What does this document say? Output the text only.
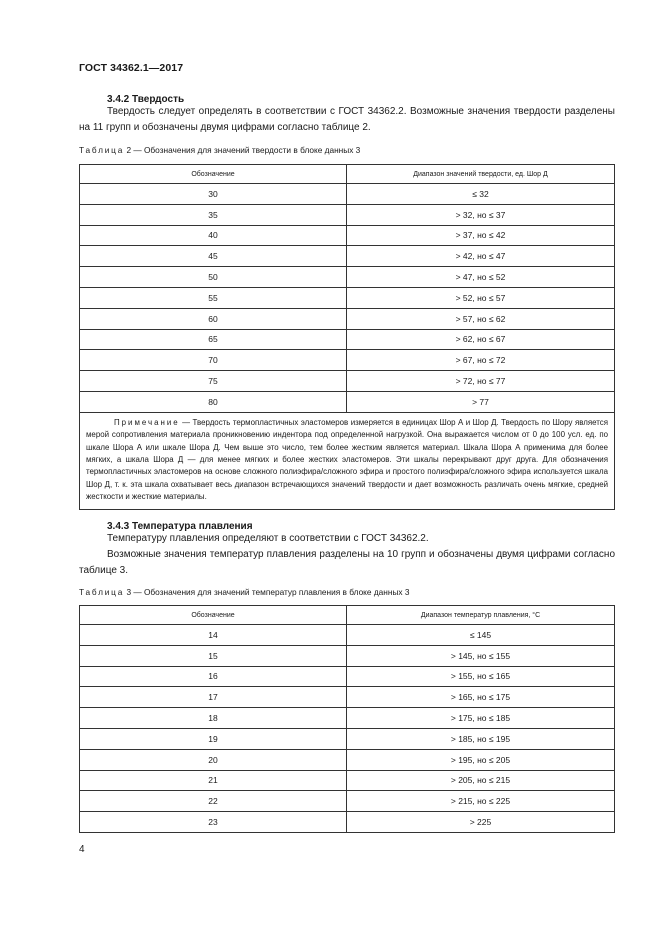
ГОСТ 34362.1—2017
3.4.2 Твердость
Твердость следует определять в соответствии с ГОСТ 34362.2. Возможные значения твердости разделены на 11 групп и обозначены двумя цифрами согласно таблице 2.
Таблица 2 — Обозначения для значений твердости в блоке данных 3
Обозначение	Диапазон значений твердости, ед. Шор Д
30	≤ 32
35	> 32, но ≤ 37
40	> 37, но ≤ 42
45	> 42, но ≤ 47
50	> 47, но ≤ 52
55	> 52, но ≤ 57
60	> 57, но ≤ 62
65	> 62, но ≤ 67
70	> 67, но ≤ 72
75	> 72, но ≤ 77
80	> 77
Примечание — Твердость термопластичных эластомеров измеряется в единицах Шор А и Шор Д. Твердость по Шору является мерой сопротивления материала проникновению индентора под определенной нагрузкой. Она выражается числом от 0 до 100 усл. ед. по шкале Шора А или шкале Шора Д. Чем выше это число, тем более жестким является материал. Шкала Шора А применима для более мягких, а шкала Шора Д — для менее мягких и более жестких эластомеров. Эти шкалы перекрывают друг друга. Для обозначения термопластичных эластомеров на основе сложного полиэфира/сложного эфира и простого полиэфира/сложного эфира используется шкала Шор Д, т. к. эта шкала охватывает весь диапазон встречающихся значений твердости и дает возможность различать очень мягкие, средней жесткости и жесткие материалы.	
3.4.3 Температура плавления
Температуру плавления определяют в соответствии с ГОСТ 34362.2.
Возможные значения температур плавления разделены на 10 групп и обозначены двумя цифрами согласно таблице 3.
Таблица 3 — Обозначения для значений температур плавления в блоке данных 3
Обозначение	Диапазон температур плавления, °С
14	≤ 145
15	> 145, но ≤ 155
16	> 155, но ≤ 165
17	> 165, но ≤ 175
18	> 175, но ≤ 185
19	> 185, но ≤ 195
20	> 195, но ≤ 205
21	> 205, но ≤ 215
22	> 215, но ≤ 225
23	> 225
4
